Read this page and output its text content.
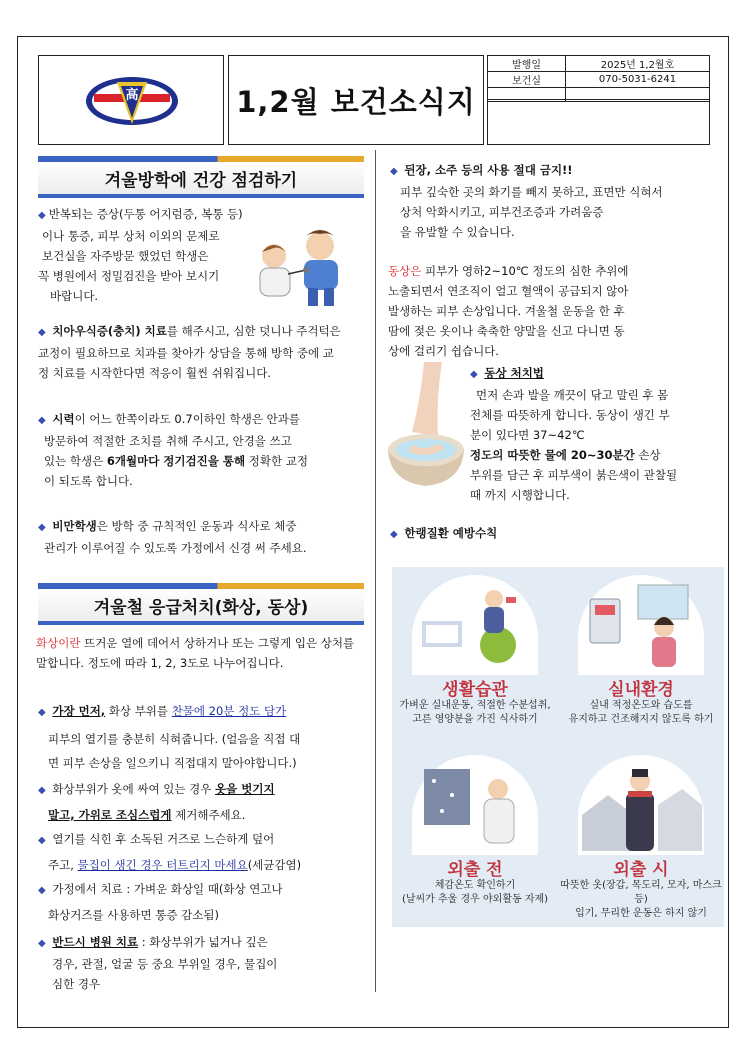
高	1,2월 보건소식지
발행일	2025년 1,2월호
보건실	070-5031-6241

겨울방학에 건강 점검하기
◆ 반복되는 증상(두통 어지럼증, 복통 등)
이나 통증, 피부 상처 이외의 문제로
보건실을 자주방문 했었던 학생은
꼭 병원에서 정밀검진을 받아 보시기
바랍니다.
◆ 치아우식증(충치) 치료를 해주시고, 심한 덧니나 주걱턱은
교정이 필요하므로 치과를 찾아가 상담을 통해 방학 중에 교
정 치료를 시작한다면 적응이 훨씬 쉬워집니다.
◆ 시력이 어느 한쪽이라도 0.7이하인 학생은 안과를
방문하여 적절한 조치를 취해 주시고, 안경을 쓰고
있는 학생은 6개월마다 정기검진을 통해 정확한 교정
이 되도록 합니다.
◆ 비만학생은 방학 중 규칙적인 운동과 식사로 체중
관리가 이루어질 수 있도록 가정에서 신경 써 주세요.
겨울철 응급처치(화상, 동상)
화상이란 뜨거운 열에 데어서 상하거나 또는 그렇게 입은 상처를
말합니다. 정도에 따라 1, 2, 3도로 나누어집니다.
◆ 가장 먼저, 화상 부위를 찬물에 20분 정도 담가
피부의 열기를 충분히 식혀줍니다. (얼음을 직접 대
면 피부 손상을 일으키니 직접대지 말아야합니다.)
◆ 화상부위가 옷에 싸여 있는 경우 옷을 벗기지
말고, 가위로 조심스럽게 제거해주세요.
◆ 열기를 식힌 후 소독된 거즈로 느슨하게 덮어
주고, 물집이 생긴 경우 터트리지 마세요(세균감염)
◆ 가정에서 치료 : 가벼운 화상일 때(화상 연고나
화상거즈를 사용하면 통증 감소됨)
◆ 반드시 병원 치료 : 화상부위가 넓거나 깊은
경우, 관절, 얼굴 등 중요 부위일 경우, 물집이
심한 경우
◆ 뒨장, 소주 등의 사용 절대 금지!!
피부 깊숙한 곳의 화기를 빼지 못하고, 표면만 식혀서
상처 악화시키고, 피부건조증과 가려움증
을 유발할 수 있습니다.
동상은 피부가 영하2~10℃ 정도의 심한 추위에
노출되면서 연조직이 얼고 혈액이 공급되지 않아
발생하는 피부 손상입니다. 겨울철 운동을 한 후
땀에 젖은 옷이나 축축한 양말을 신고 다니면 동
상에 걸리기 쉽습니다.
◆ 동상 처치법
먼저 손과 발을 깨끗이 닦고 말린 후 몸
전체를 따뜻하게 합니다. 동상이 생긴 부
분이 있다면 37~42℃
정도의 따뜻한 물에 20~30분간 손상
부위를 담근 후 피부색이 붉은색이 관찰될
때 까지 시행합니다.
◆ 한랭질환 예방수칙
생활습관
가벼운 실내운동, 적절한 수분섭취,
고른 영양분을 가진 식사하기
실내환경
실내 적정온도와 습도를
유지하고 건조해지지 않도록 하기
외출 전
체감온도 확인하기
(날씨가 추울 경우 야외활동 자제)
외출 시
따뜻한 옷(장갑, 목도리, 모자, 마스크 등)
입기, 무리한 운동은 하지 않기
